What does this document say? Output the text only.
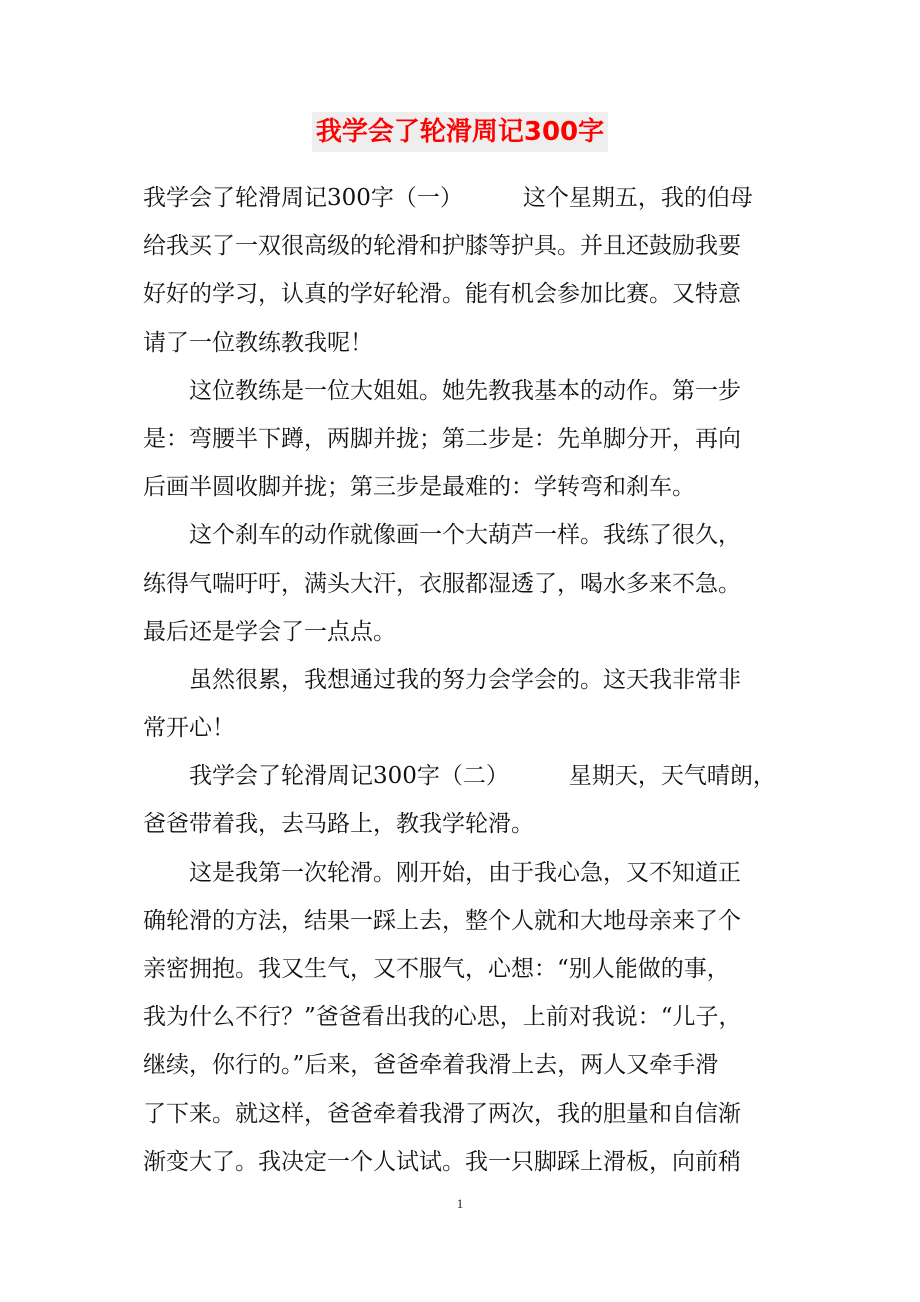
我学会了轮滑周记300字
我学会了轮滑周记300字（一）	这个星期五，我的伯母
给我买了一双很高级的轮滑和护膝等护具。并且还鼓励我要
好好的学习，认真的学好轮滑。能有机会参加比赛。又特意
请了一位教练教我呢！
这位教练是一位大姐姐。她先教我基本的动作。第一步
是：弯腰半下蹲，两脚并拢；第二步是：先单脚分开，再向
后画半圆收脚并拢；第三步是最难的：学转弯和刹车。
这个刹车的动作就像画一个大葫芦一样。我练了很久，
练得气喘吁吁，满头大汗，衣服都湿透了，喝水多来不急。
最后还是学会了一点点。
虽然很累，我想通过我的努力会学会的。这天我非常非
常开心！
我学会了轮滑周记300字（二）	星期天，天气晴朗，
爸爸带着我，去马路上，教我学轮滑。
这是我第一次轮滑。刚开始，由于我心急，又不知道正
确轮滑的方法，结果一踩上去，整个人就和大地母亲来了个
亲密拥抱。我又生气，又不服气，心想：“别人能做的事，
我为什么不行？”爸爸看出我的心思，上前对我说：“儿子，
继续，你行的。”后来，爸爸牵着我滑上去，两人又牵手滑
了下来。就这样，爸爸牵着我滑了两次，我的胆量和自信渐
渐变大了。我决定一个人试试。我一只脚踩上滑板，向前稍
1
